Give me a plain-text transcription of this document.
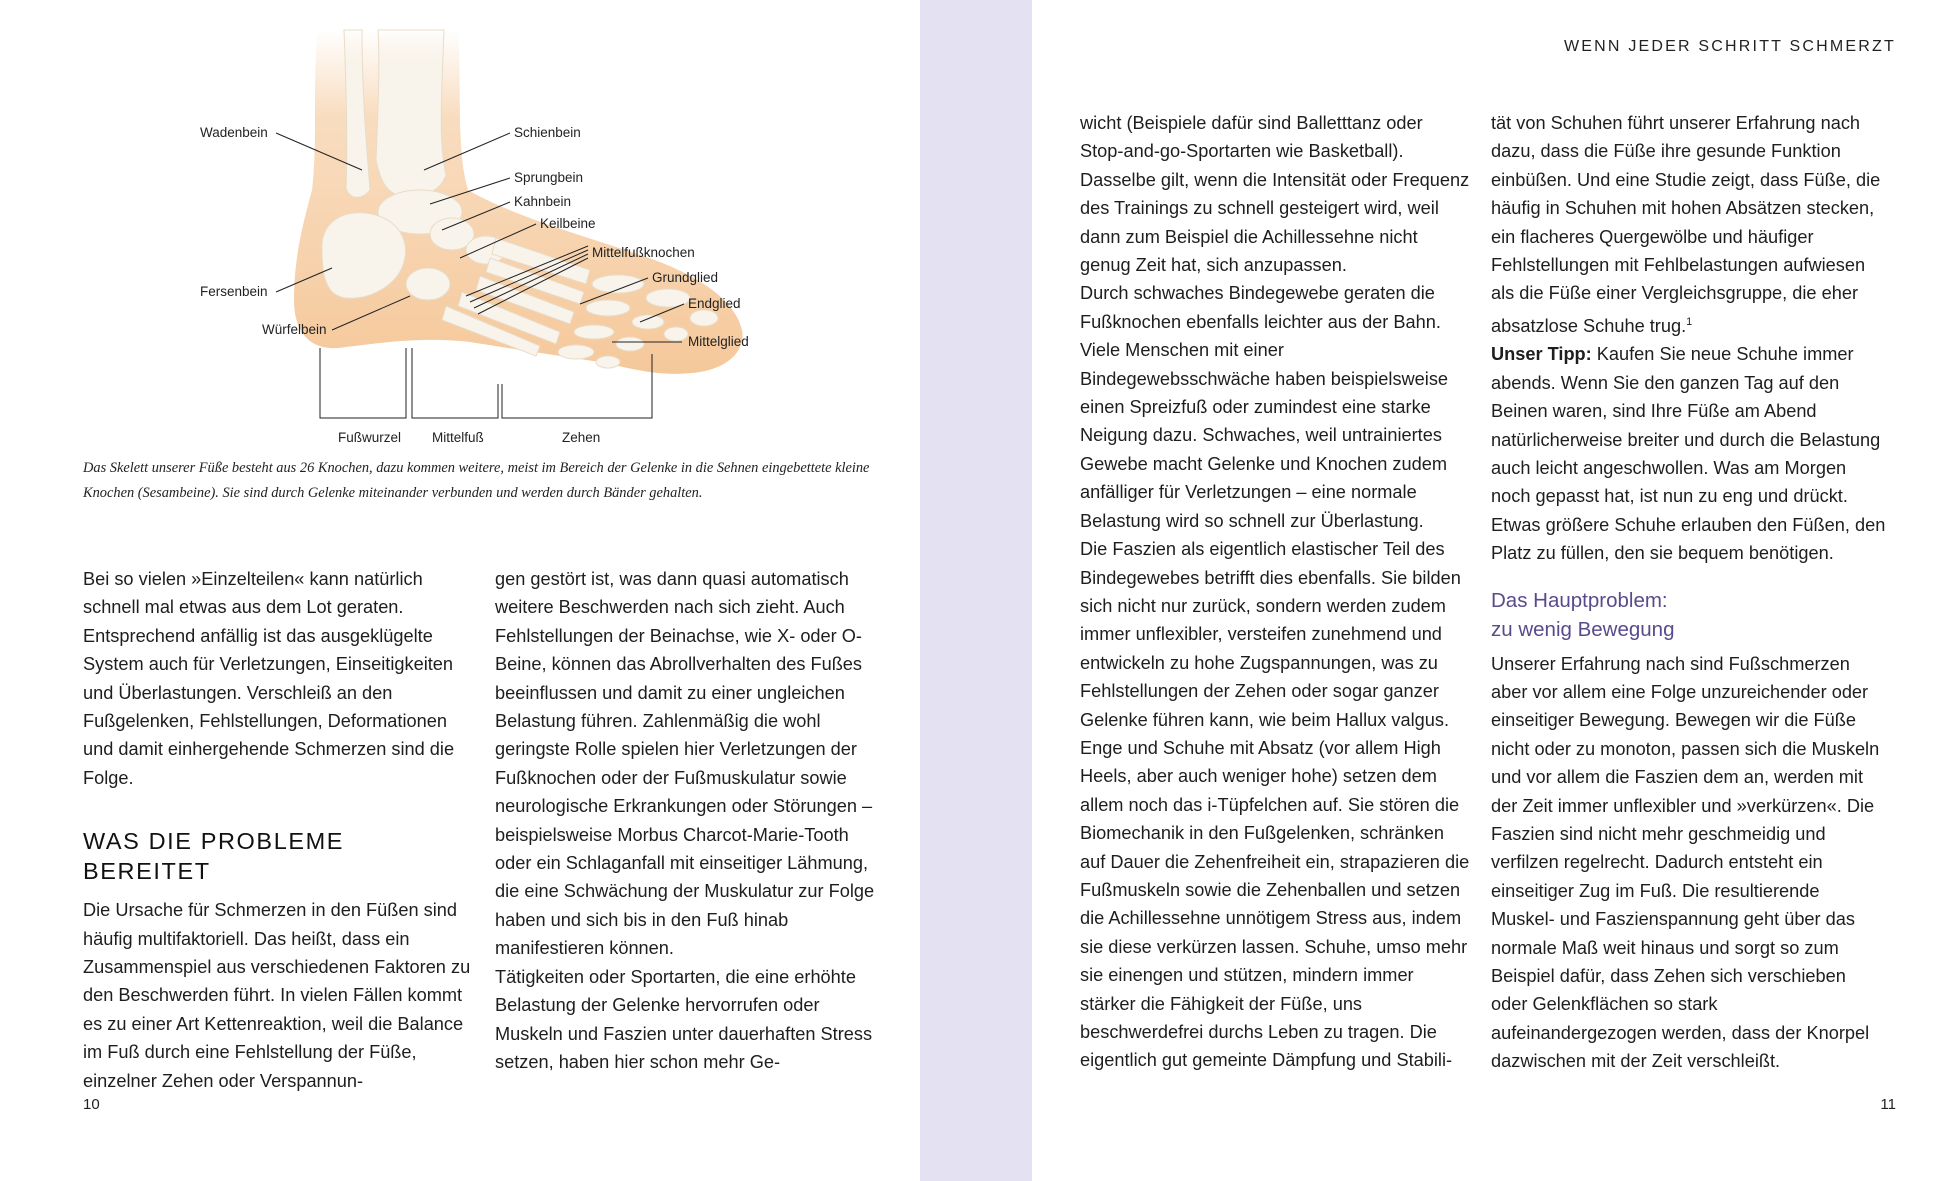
Wadenbein	Schienbein
Sprungbein
Kahnbein
Keilbeine
Mittelfußknochen
Grundglied
Endglied
Mittelglied
Fersenbein
Würfelbein
Fußwurzel Mittelfuß	Zehen

Das Skelett unserer Füße besteht aus 26 Knochen, dazu kommen weitere, meist im Bereich der Gelenke in die Sehnen eingebettete kleine Knochen (Sesambeine). Sie sind durch Gelenke miteinander verbunden und werden durch Bänder gehalten.

Bei so vielen »Einzelteilen« kann natürlich schnell mal etwas aus dem Lot geraten. Entsprechend anfällig ist das ausgeklügelte System auch für Verletzungen, Einseitigkeiten und Überlastungen. Verschleiß an den Fußgelenken, Fehlstellungen, Deformationen und damit einhergehende Schmerzen sind die Folge.

WAS DIE PROBLEME BEREITET

Die Ursache für Schmerzen in den Füßen sind häufig multifaktoriell. Das heißt, dass ein Zusammenspiel aus verschiedenen Faktoren zu den Beschwerden führt. In vielen Fällen kommt es zu einer Art Kettenreaktion, weil die Balance im Fuß durch eine Fehlstellung der Füße, einzelner Zehen oder Verspannun-

gen gestört ist, was dann quasi automatisch weitere Beschwerden nach sich zieht. Auch Fehlstellungen der Beinachse, wie X- oder O-Beine, können das Abrollverhalten des Fußes beeinflussen und damit zu einer ungleichen Belastung führen. Zahlenmäßig die wohl geringste Rolle spielen hier Verletzungen der Fußknochen oder der Fußmuskulatur sowie neurologische Erkrankungen oder Störungen – beispielsweise Morbus Charcot-Marie-Tooth oder ein Schlaganfall mit einseitiger Lähmung, die eine Schwächung der Muskulatur zur Folge haben und sich bis in den Fuß hinab manifestieren können.

Tätigkeiten oder Sportarten, die eine erhöhte Belastung der Gelenke hervorrufen oder Muskeln und Faszien unter dauerhaften Stress setzen, haben hier schon mehr Ge-

10
WENN JEDER SCHRITT SCHMERZT

wicht (Beispiele dafür sind Balletttanz oder Stop-and-go-Sportarten wie Basketball). Dasselbe gilt, wenn die Intensität oder Frequenz des Trainings zu schnell gesteigert wird, weil dann zum Beispiel die Achillessehne nicht genug Zeit hat, sich anzupassen.

Durch schwaches Bindegewebe geraten die Fußknochen ebenfalls leichter aus der Bahn. Viele Menschen mit einer Bindegewebsschwäche haben beispielsweise einen Spreizfuß oder zumindest eine starke Neigung dazu. Schwaches, weil untrainiertes Gewebe macht Gelenke und Knochen zudem anfälliger für Verletzungen – eine normale Belastung wird so schnell zur Überlastung.

Die Faszien als eigentlich elastischer Teil des Bindegewebes betrifft dies ebenfalls. Sie bilden sich nicht nur zurück, sondern werden zudem immer unflexibler, versteifen zunehmend und entwickeln zu hohe Zugspannungen, was zu Fehlstellungen der Zehen oder sogar ganzer Gelenke führen kann, wie beim Hallux valgus. Enge und Schuhe mit Absatz (vor allem High Heels, aber auch weniger hohe) setzen dem allem noch das i-Tüpfelchen auf. Sie stören die Biomechanik in den Fußgelenken, schränken auf Dauer die Zehenfreiheit ein, strapazieren die Fußmuskeln sowie die Zehenballen und setzen die Achillessehne unnötigem Stress aus, indem sie diese verkürzen lassen. Schuhe, umso mehr sie einengen und stützen, mindern immer stärker die Fähigkeit der Füße, uns beschwerdefrei durchs Leben zu tragen. Die eigentlich gut gemeinte Dämpfung und Stabili-

tät von Schuhen führt unserer Erfahrung nach dazu, dass die Füße ihre gesunde Funktion einbüßen. Und eine Studie zeigt, dass Füße, die häufig in Schuhen mit hohen Absätzen stecken, ein flacheres Quergewölbe und häufiger Fehlstellungen mit Fehlbelastungen aufwiesen als die Füße einer Vergleichsgruppe, die eher absatzlose Schuhe trug.$^1$

Unser Tipp: Kaufen Sie neue Schuhe immer abends. Wenn Sie den ganzen Tag auf den Beinen waren, sind Ihre Füße am Abend natürlicherweise breiter und durch die Belastung auch leicht angeschwollen. Was am Morgen noch gepasst hat, ist nun zu eng und drückt. Etwas größere Schuhe erlauben den Füßen, den Platz zu füllen, den sie bequem benötigen.

Das Hauptproblem:
zu wenig Bewegung

Unserer Erfahrung nach sind Fußschmerzen aber vor allem eine Folge unzureichender oder einseitiger Bewegung. Bewegen wir die Füße nicht oder zu monoton, passen sich die Muskeln und vor allem die Faszien dem an, werden mit der Zeit immer unflexibler und »verkürzen«. Die Faszien sind nicht mehr geschmeidig und verfilzen regelrecht. Dadurch entsteht ein einseitiger Zug im Fuß. Die resultierende Muskel- und Faszienspannung geht über das normale Maß weit hinaus und sorgt so zum Beispiel dafür, dass Zehen sich verschieben oder Gelenkflächen so stark aufeinandergezogen werden, dass der Knorpel dazwischen mit der Zeit verschleißt.

11
